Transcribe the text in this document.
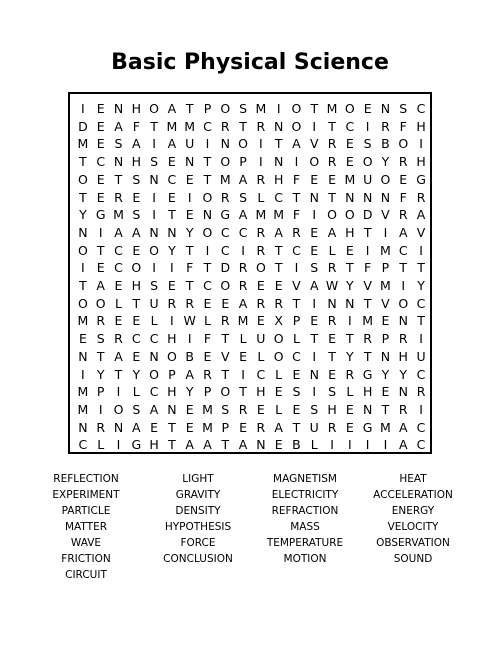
Basic Physical Science
I E N H O A T P O S M I O T M O E N S C
D E A F T M M C R T R N O I T C I R F H
M E S A I A U I N O I T A V R E S B O I
T C N H S E N T O P I N I O R E O Y R H
O E T S N C E T M A R H F E E M U O E G
T E R E I E I O R S L C T N T N N N F R
Y G M S I T E N G A M M F I O O D V R A
N I A A N N Y O C C R A R E A H T I A V
O T C E O Y T I C I R T C E L E I M C I
I E C O I	I F T D R O T I S R T F P T T
T A E H S E T C O R E E V A W Y V M I Y
O O L T U R R E E A R R T I N N T V O C
M R E E L I W L R M E X P E R I M E N T
E S R C C H I F T L U O L T E T R P R I
N T A E N O B E V E L O C I T Y T N H U
I Y T Y O P A R T I C L E N E R G Y Y C
M P I L C H Y P O T H E S I S L H E N R
M I O S A N E M S R E L E S H E N T R I
N R N A E T E M P E R A T U R E G M A C
C L I G H T A A T A N E B L I	I	I	I A C
REFLECTION
EXPERIMENT
PARTICLE
MATTER
WAVE
FRICTION
CIRCUIT
LIGHT
GRAVITY
DENSITY
HYPOTHESIS
FORCE
CONCLUSION
MAGNETISM
ELECTRICITY
REFRACTION
MASS
TEMPERATURE
MOTION
HEAT
ACCELERATION
ENERGY
VELOCITY
OBSERVATION
SOUND
